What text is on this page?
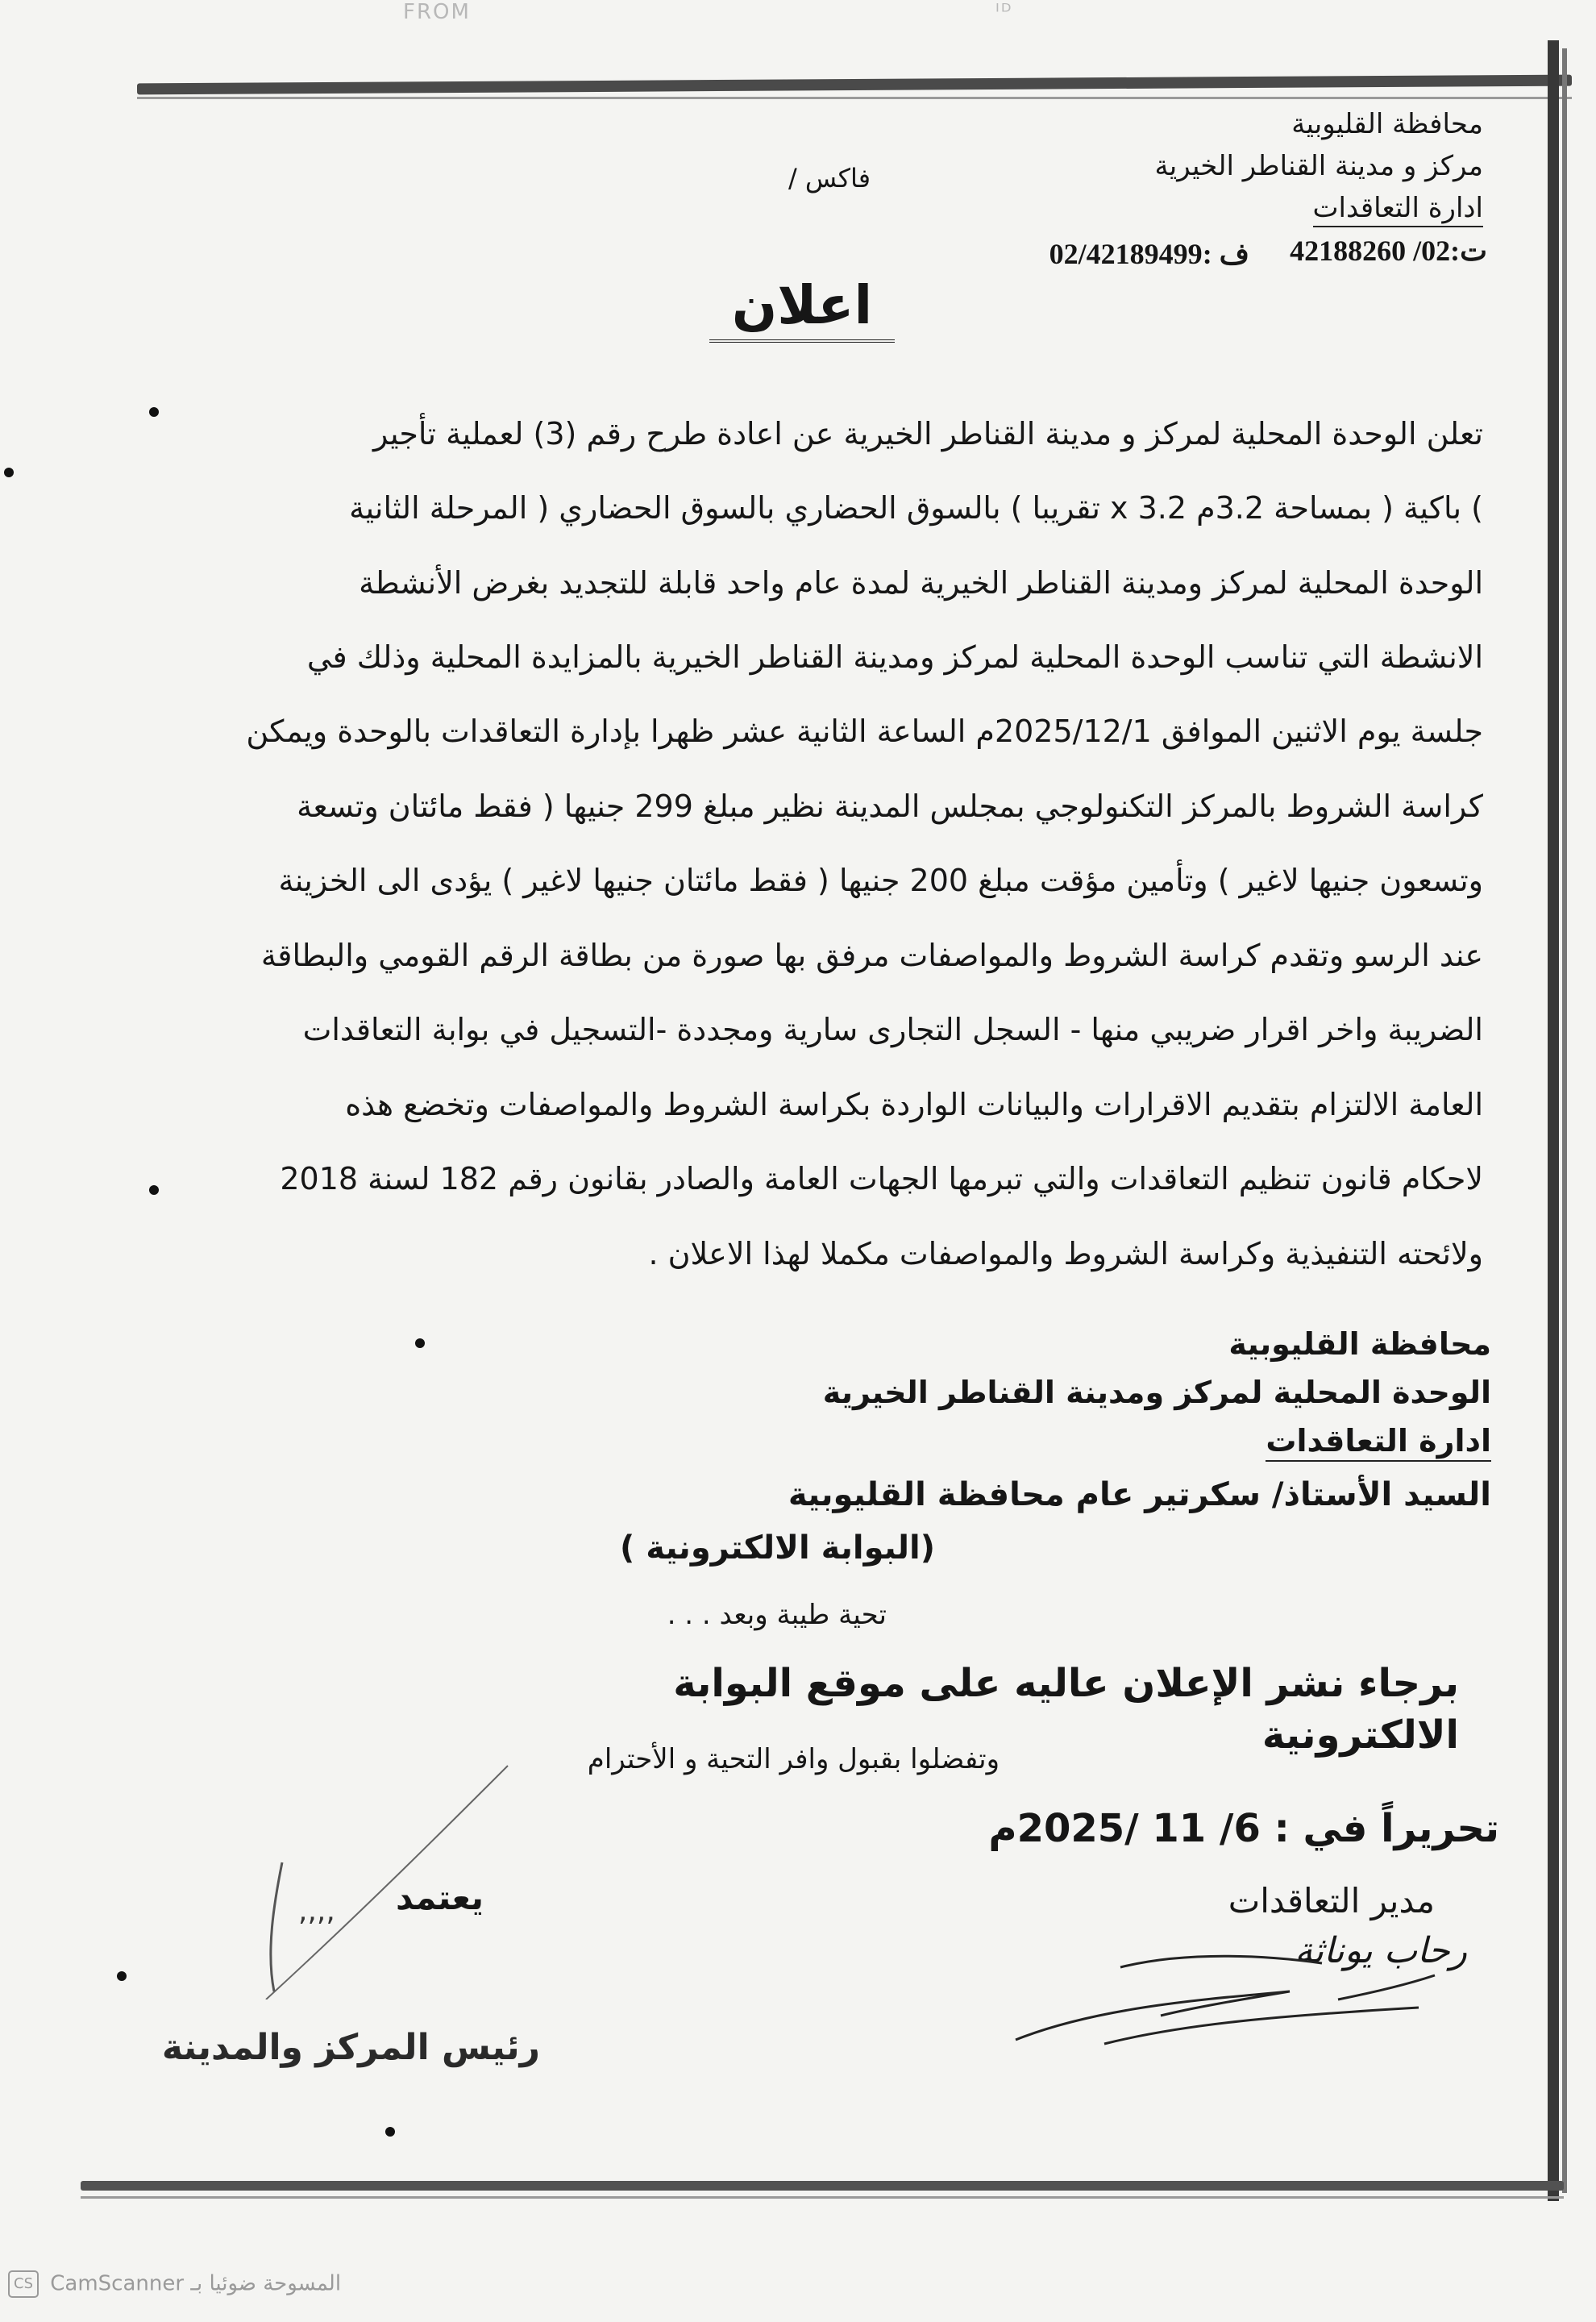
FROM	ᴵᴰ
محافظة القليوبية
مركز و مدينة القناطر الخيرية
ادارة التعاقدات
فاكس /
ت:02/ 42188260
ف :02/42189499
اعلان
تعلن الوحدة المحلية لمركز و مدينة القناطر الخيرية عن اعادة طرح رقم (3) لعملية تأجير
) باكية ( بمساحة 3.2م x 3.2 تقريبا ) بالسوق الحضاري بالسوق الحضاري ( المرحلة الثانية
الوحدة المحلية لمركز ومدينة القناطر الخيرية لمدة عام واحد قابلة للتجديد بغرض الأنشطة
الانشطة التي تناسب الوحدة المحلية لمركز ومدينة القناطر الخيرية بالمزايدة المحلية وذلك في
جلسة يوم الاثنين الموافق 2025/12/1م الساعة الثانية عشر ظهرا بإدارة التعاقدات بالوحدة ويمكن
كراسة الشروط بالمركز التكنولوجي بمجلس المدينة نظير مبلغ 299 جنيها ( فقط مائتان وتسعة
وتسعون جنيها لاغير ) وتأمين مؤقت مبلغ 200 جنيها ( فقط مائتان جنيها لاغير ) يؤدى الى الخزينة
عند الرسو وتقدم كراسة الشروط والمواصفات مرفق بها صورة من بطاقة الرقم القومي والبطاقة
الضريبة واخر اقرار ضريبي منها - السجل التجارى سارية ومجددة -التسجيل في بوابة التعاقدات
العامة الالتزام بتقديم الاقرارات والبيانات الواردة بكراسة الشروط والمواصفات وتخضع هذه
لاحكام قانون تنظيم التعاقدات والتي تبرمها الجهات العامة والصادر بقانون رقم 182 لسنة 2018
ولائحته التنفيذية وكراسة الشروط والمواصفات مكملا لهذا الاعلان .
محافظة القليوبية
الوحدة المحلية لمركز ومدينة القناطر الخيرية
ادارة التعاقدات
السيد الأستاذ/ سكرتير عام محافظة القليوبية
(البوابة الالكترونية )
تحية طيبة وبعد . . .
برجاء نشر الإعلان عاليه على موقع البوابة الالكترونية
وتفضلوا بقبول وافر التحية و الأحترام
تحريراً في : 6/ 11 /2025م
مدير التعاقدات
رحاب يوناثة
يعتمد
,,,,
رئيس المركز والمدينة
CS CamScanner المسوحة ضوئيا بـ
